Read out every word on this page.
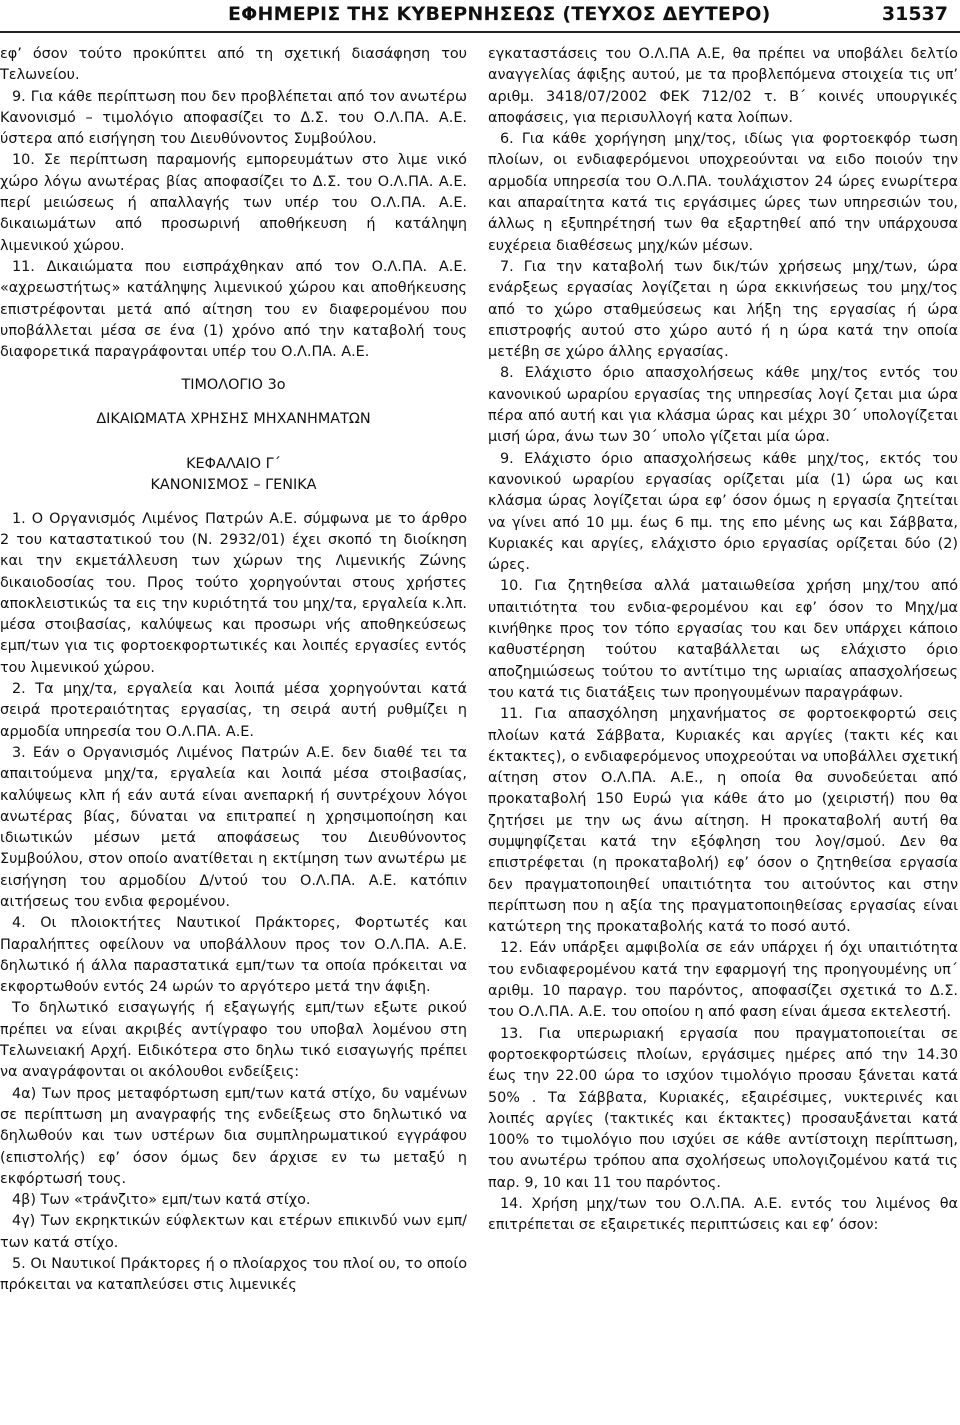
ΕΦΗΜΕΡΙΣ ΤΗΣ ΚΥΒΕΡΝΗΣΕΩΣ (ΤΕΥΧΟΣ ΔΕΥΤΕΡΟ)	31537

εφ’ όσον τούτο προκύπτει από τη σχετική διασάφηση του Τελωνείου.

9. Για κάθε περίπτωση που δεν προβλέπεται από τον ανωτέρω Κανονισμό – τιμολόγιο αποφασίζει το Δ.Σ. του Ο.Λ.ΠΑ. Α.Ε. ύστερα από εισήγηση του Διευθύνοντος Συμβούλου.

10. Σε περίπτωση παραμονής εμπορευμάτων στο λιμε νικό χώρο λόγω ανωτέρας βίας αποφασίζει το Δ.Σ. του Ο.Λ.ΠΑ. Α.Ε. περί μειώσεως ή απαλλαγής των υπέρ του Ο.Λ.ΠΑ. Α.Ε. δικαιωμάτων από προσωρινή αποθήκευση ή κατάληψη λιμενικού χώρου.

11. Δικαιώματα που εισπράχθηκαν από τον Ο.Λ.ΠΑ. Α.Ε. «αχρεωστήτως» κατάληψης λιμενικού χώρου και αποθήκευσης επιστρέφονται μετά από αίτηση του εν διαφερομένου που υποβάλλεται μέσα σε ένα (1) χρόνο από την καταβολή τους διαφορετικά παραγράφονται υπέρ του Ο.Λ.ΠΑ. Α.Ε.

ΤΙΜΟΛΟΓΙΟ 3ο

ΔΙΚΑΙΩΜΑΤΑ ΧΡΗΣΗΣ ΜΗΧΑΝΗΜΑΤΩΝ

ΚΕΦΑΛΑΙΟ Γ΄

ΚΑΝΟΝΙΣΜΟΣ – ΓΕΝΙΚΑ

1. Ο Οργανισμός Λιμένος Πατρών Α.Ε. σύμφωνα με το άρθρο 2 του καταστατικού του (Ν. 2932/01) έχει σκοπό τη διοίκηση και την εκμετάλλευση των χώρων της Λιμενικής Ζώνης δικαιοδοσίας του. Προς τούτο χορηγούνται στους χρήστες αποκλειστικώς τα εις την κυριότητά του μηχ/τα, εργαλεία κ.λπ. μέσα στοιβασίας, καλύψεως και προσωρι νής αποθηκεύσεως εμπ/των για τις φορτοεκφορτωτικές και λοιπές εργασίες εντός του λιμενικού χώρου.

2. Τα μηχ/τα, εργαλεία και λοιπά μέσα χορηγούνται κατά σειρά προτεραιότητας εργασίας, τη σειρά αυτή ρυθμίζει η αρμοδία υπηρεσία του Ο.Λ.ΠΑ. Α.Ε.

3. Εάν ο Οργανισμός Λιμένος Πατρών Α.Ε. δεν διαθέ τει τα απαιτούμενα μηχ/τα, εργαλεία και λοιπά μέσα στοιβασίας, καλύψεως κλπ ή εάν αυτά είναι ανεπαρκή ή συντρέχουν λόγοι ανωτέρας βίας, δύναται να επιτραπεί η χρησιμοποίηση και ιδιωτικών μέσων μετά αποφάσεως του Διευθύνοντος Συμβούλου, στον οποίο ανατίθεται η εκτίμηση των ανωτέρω με εισήγηση του αρμοδίου Δ/ντού του Ο.Λ.ΠΑ. Α.Ε. κατόπιν αιτήσεως του ενδια φερομένου.

4. Οι πλοιοκτήτες Ναυτικοί Πράκτορες, Φορτωτές και Παραλήπτες οφείλουν να υποβάλλουν προς τον Ο.Λ.ΠΑ. Α.Ε. δηλωτικό ή άλλα παραστατικά εμπ/των τα οποία πρόκειται να εκφορτωθούν εντός 24 ωρών το αργότερο μετά την άφιξη.

Το δηλωτικό εισαγωγής ή εξαγωγής εμπ/των εξωτε ρικού πρέπει να είναι ακριβές αντίγραφο του υποβαλ λομένου στη Τελωνειακή Αρχή. Ειδικότερα στο δηλω τικό εισαγωγής πρέπει να αναγράφονται οι ακόλουθοι ενδείξεις:

4α) Των προς μεταφόρτωση εμπ/των κατά στίχο, δυ ναμένων σε περίπτωση μη αναγραφής της ενδείξεως στο δηλωτικό να δηλωθούν και των υστέρων δια συμπληρωματικού εγγράφου (επιστολής) εφ’ όσον όμως δεν άρχισε εν τω μεταξύ η εκφόρτωσή τους.

4β) Των «τράνζιτο» εμπ/των κατά στίχο.

4γ) Των εκρηκτικών εύφλεκτων και ετέρων επικινδύ νων εμπ/των κατά στίχο.

5. Οι Ναυτικοί Πράκτορες ή ο πλοίαρχος του πλοί ου, το οποίο πρόκειται να καταπλεύσει στις λιμενικές

εγκαταστάσεις του Ο.Λ.ΠΑ Α.Ε, θα πρέπει να υποβάλει δελτίο αναγγελίας άφιξης αυτού, με τα προβλεπόμενα στοιχεία τις υπ’ αριθμ. 3418/07/2002 ΦΕΚ 712/02 τ. Β΄ κοινές υπουργικές αποφάσεις, για περισυλλογή κατα λοίπων.

6. Για κάθε χορήγηση μηχ/τος, ιδίως για φορτοεκφόρ τωση πλοίων, οι ενδιαφερόμενοι υποχρεούνται να ειδο ποιούν την αρμοδία υπηρεσία του Ο.Λ.ΠΑ. τουλάχιστον 24 ώρες ενωρίτερα και απαραίτητα κατά τις εργάσιμες ώρες των υπηρεσιών του, άλλως η εξυπηρέτησή των θα εξαρτηθεί από την υπάρχουσα ευχέρεια διαθέσεως μηχ/κών μέσων.

7. Για την καταβολή των δικ/τών χρήσεως μηχ/των, ώρα ενάρξεως εργασίας λογίζεται η ώρα εκκινήσεως του μηχ/τος από το χώρο σταθμεύσεως και λήξη της εργασίας ή ώρα επιστροφής αυτού στο χώρο αυτό ή η ώρα κατά την οποία μετέβη σε χώρο άλλης εργασίας.

8. Ελάχιστο όριο απασχολήσεως κάθε μηχ/τος εντός του κανονικού ωραρίου εργασίας της υπηρεσίας λογί ζεται μια ώρα πέρα από αυτή και για κλάσμα ώρας και μέχρι 30΄ υπολογίζεται μισή ώρα, άνω των 30΄ υπολο γίζεται μία ώρα.

9. Ελάχιστο όριο απασχολήσεως κάθε μηχ/τος, εκτός του κανονικού ωραρίου εργασίας ορίζεται μία (1) ώρα ως και κλάσμα ώρας λογίζεται ώρα εφ’ όσον όμως η εργασία ζητείται να γίνει από 10 μμ. έως 6 πμ. της επο μένης ως και Σάββατα, Κυριακές και αργίες, ελάχιστο όριο εργασίας ορίζεται δύο (2) ώρες.

10. Για ζητηθείσα αλλά ματαιωθείσα χρήση μηχ/του από υπαιτιότητα του ενδια-φερομένου και εφ’ όσον το Μηχ/μα κινήθηκε προς τον τόπο εργασίας του και δεν υπάρχει κάποιο καθυστέρηση τούτου καταβάλλεται ως ελάχιστο όριο αποζημιώσεως τούτου το αντίτιμο της ωριαίας απασχολήσεως του κατά τις διατάξεις των προηγουμένων παραγράφων.

11. Για απασχόληση μηχανήματος σε φορτοεκφορτώ σεις πλοίων κατά Σάββατα, Κυριακές και αργίες (τακτι κές και έκτακτες), ο ενδιαφερόμενος υποχρεούται να υποβάλλει σχετική αίτηση στον Ο.Λ.ΠΑ. Α.Ε., η οποία θα συνοδεύεται από προκαταβολή 150 Ευρώ για κάθε άτο μο (χειριστή) που θα ζητήσει με την ως άνω αίτηση. Η προκαταβολή αυτή θα συμψηφίζεται κατά την εξόφληση του λογ/σμού. Δεν θα επιστρέφεται (η προκαταβολή) εφ’ όσον ο ζητηθείσα εργασία δεν πραγματοποιηθεί υπαιτιότητα του αιτούντος και στην περίπτωση που η αξία της πραγματοποιηθείσας εργασίας είναι κατώτερη της προκαταβολής κατά το ποσό αυτό.

12. Εάν υπάρξει αμφιβολία σε εάν υπάρχει ή όχι υπαιτιότητα του ενδιαφερομένου κατά την εφαρμογή της προηγουμένης υπ΄ αριθμ. 10 παραγρ. του παρόντος, αποφασίζει σχετικά το Δ.Σ. του Ο.Λ.ΠΑ. Α.Ε. του οποίου η από φαση είναι άμεσα εκτελεστή.

13. Για υπερωριακή εργασία που πραγματοποιείται σε φορτοεκφορτώσεις πλοίων, εργάσιμες ημέρες από την 14.30 έως την 22.00 ώρα το ισχύον τιμολόγιο προσαυ ξάνεται κατά 50% . Τα Σάββατα, Κυριακές, εξαιρέσιμες, νυκτερινές και λοιπές αργίες (τακτικές και έκτακτες) προσαυξάνεται κατά 100% το τιμολόγιο που ισχύει σε κάθε αντίστοιχη περίπτωση, του ανωτέρω τρόπου απα σχολήσεως υπολογιζομένου κατά τις παρ. 9, 10 και 11 του παρόντος.

14. Χρήση μηχ/των του Ο.Λ.ΠΑ. Α.Ε. εντός του λιμένος θα επιτρέπεται σε εξαιρετικές περιπτώσεις και εφ’ όσον:
